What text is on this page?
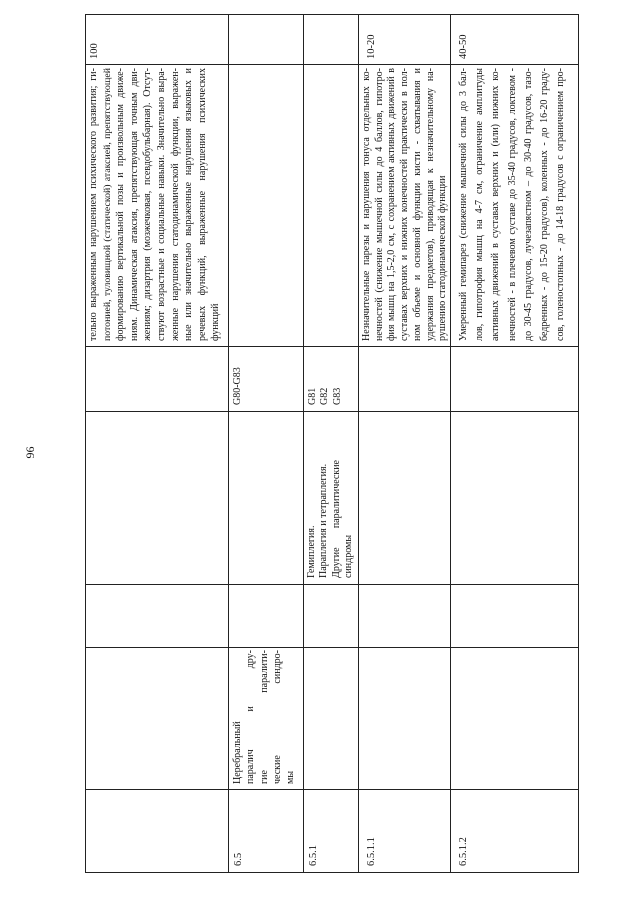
96
тельно выраженным нарушением психического развития; ги- потонией, туловищной (статической) атаксией, препятствующей формированию вертикальной позы и произвольным движе- ниям. Динамическая атаксия, препятствующая точным дви- жениям; дизартрия (мозжечковая, псевдобульбарная). Отсут- ствуют возрастные и социальные навыки. Значительно выра- женные нарушения статодинамической функции, выражен- ные или значительно выраженные нарушения языковых и речевых функций, выраженные нарушения психических функций
100
6.5
Церебральный паралич и дру- гие паралити- ческие синдро- мы
G80-G83
6.5.1
Гемиплегия. Параплегия и тетраплегия. Другие паралитические синдромы
G81 G82 G83
6.5.1.1
Незначительные парезы и нарушения тонуса отдельных ко- нечностей (снижение мышечной силы до 4 баллов, гипотро- фия мышц на 1,5-2,0 см, с сохранением активных движений в суставах верхних и нижних конечностей практически в пол- ном объеме и основной функции кисти - схватывания и удержания предметов), приводящая к незначительному на- рушению статодинамической функции
10-20
6.5.1.2
Умеренный гемипарез (снижение мышечной силы до 3 бал- лов, гипотрофия мышц на 4-7 см, ограничение амплитуды активных движений в суставах верхних и (или) нижних ко- нечностей - в плечевом суставе до 35-40 градусов, локтевом - до 30-45 градусов, лучезапястном – до 30-40 градусов, тазо- бедренных - до 15-20 градусов), коленных - до 16-20 граду- сов, голеностопных - до 14-18 градусов с ограничением про-
40-50
